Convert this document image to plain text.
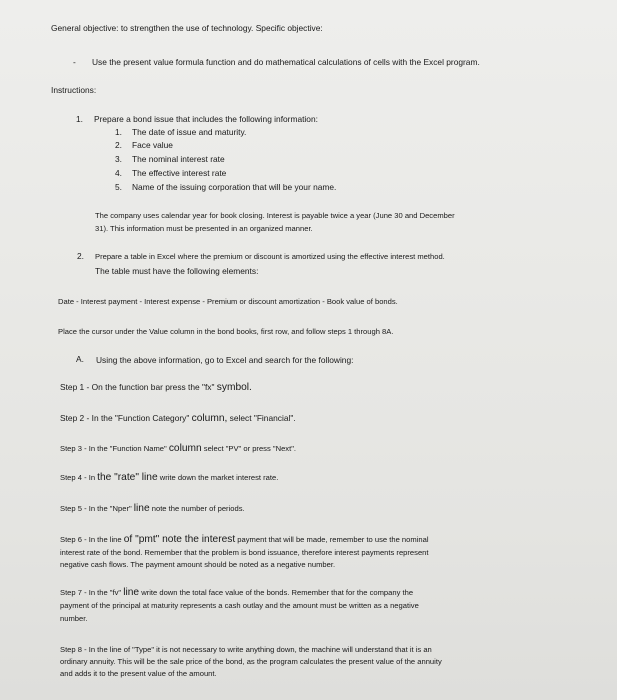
General objective: to strengthen the use of technology. Specific objective:
- Use the present value formula function and do mathematical calculations of cells with the Excel program.
Instructions:
1. Prepare a bond issue that includes the following information:
1. The date of issue and maturity.
2. Face value
3. The nominal interest rate
4. The effective interest rate
5. Name of the issuing corporation that will be your name.
The company uses calendar year for book closing. Interest is payable twice a year (June 30 and December
31). This information must be presented in an organized manner.
2. Prepare a table in Excel where the premium or discount is amortized using the effective interest method.
The table must have the following elements:
Date - Interest payment - Interest expense - Premium or discount amortization - Book value of bonds.
Place the cursor under the Value column in the bond books, first row, and follow steps 1 through 8A.
A. Using the above information, go to Excel and search for the following:
Step 1 - On the function bar press the "fx" symbol.
Step 2 - In the "Function Category" column, select "Financial".
Step 3 - In the "Function Name" column select "PV" or press "Next".
Step 4 - In the "rate" line write down the market interest rate.
Step 5 - In the "Nper" line note the number of periods.
Step 6 - In the line of "pmt" note the interest payment that will be made, remember to use the nominal
interest rate of the bond. Remember that the problem is bond issuance, therefore interest payments represent
negative cash flows. The payment amount should be noted as a negative number.
Step 7 - In the "fv" line write down the total face value of the bonds. Remember that for the company the
payment of the principal at maturity represents a cash outlay and the amount must be written as a negative
number.
Step 8 - In the line of "Type" it is not necessary to write anything down, the machine will understand that it is an
ordinary annuity. This will be the sale price of the bond, as the program calculates the present value of the annuity
and adds it to the present value of the amount.
